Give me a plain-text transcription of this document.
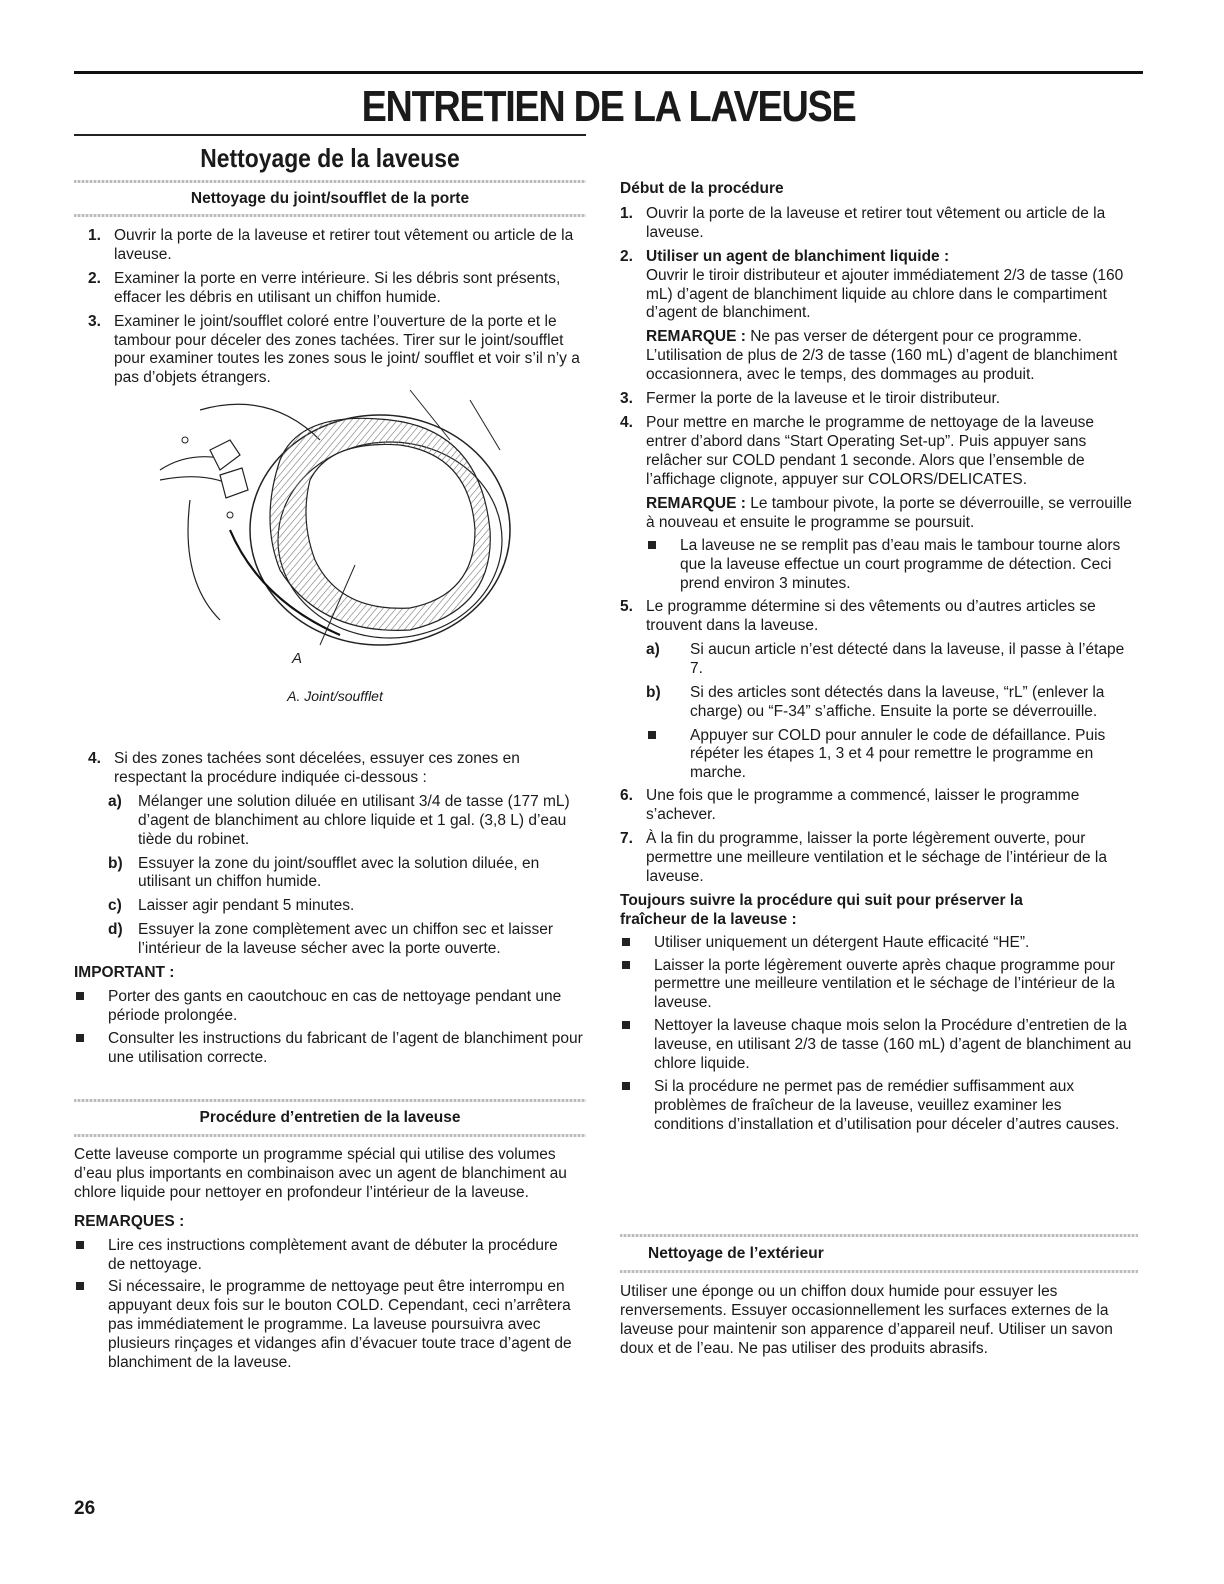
ENTRETIEN DE LA LAVEUSE
Nettoyage de la laveuse

Nettoyage du joint/soufflet de la porte

1. Ouvrir la porte de la laveuse et retirer tout vêtement ou article de la laveuse.
2. Examiner la porte en verre intérieure. Si les débris sont présents, effacer les débris en utilisant un chiffon humide.
3. Examiner le joint/soufflet coloré entre l’ouverture de la porte et le tambour pour déceler des zones tachées. Tirer sur le joint/soufflet pour examiner toutes les zones sous le joint/ soufflet et voir s’il n’y a pas d’objets étrangers.
A
A. Joint/soufflet
4. Si des zones tachées sont décelées, essuyer ces zones en respectant la procédure indiquée ci-dessous :
a)	Mélanger une solution diluée en utilisant 3/4 de tasse (177 mL) d’agent de blanchiment au chlore liquide et 1 gal. (3,8 L) d’eau tiède du robinet.
b) Essuyer la zone du joint/soufflet avec la solution diluée, en utilisant un chiffon humide.
c)	Laisser agir pendant 5 minutes.
d) Essuyer la zone complètement avec un chiffon sec et laisser l’intérieur de la laveuse sécher avec la porte ouverte.

IMPORTANT :

Porter des gants en caoutchouc en cas de nettoyage pendant une période prolongée.
Consulter les instructions du fabricant de l’agent de blanchiment pour une utilisation correcte.

Procédure d’entretien de la laveuse

Cette laveuse comporte un programme spécial qui utilise des volumes d’eau plus importants en combinaison avec un agent de blanchiment au chlore liquide pour nettoyer en profondeur l’intérieur de la laveuse.

REMARQUES :

Lire ces instructions complètement avant de débuter la procédure de nettoyage.
Si nécessaire, le programme de nettoyage peut être interrompu en appuyant deux fois sur le bouton COLD. Cependant, ceci n’arrêtera pas immédiatement le programme. La laveuse poursuivra avec plusieurs rinçages et vidanges afin d’évacuer toute trace d’agent de blanchiment de la laveuse.

Début de la procédure

1. Ouvrir la porte de la laveuse et retirer tout vêtement ou article de la laveuse.
2. Utiliser un agent de blanchiment liquide :
Ouvrir le tiroir distributeur et ajouter immédiatement 2/3 de tasse (160 mL) d’agent de blanchiment liquide au chlore dans le compartiment d’agent de blanchiment.
REMARQUE : Ne pas verser de détergent pour ce programme. L’utilisation de plus de 2/3 de tasse (160 mL) d’agent de blanchiment occasionnera, avec le temps, des dommages au produit.
3. Fermer la porte de la laveuse et le tiroir distributeur.
4. Pour mettre en marche le programme de nettoyage de la laveuse entrer d’abord dans “Start Operating Set-up”. Puis appuyer sans relâcher sur COLD pendant 1 seconde. Alors que l’ensemble de l’affichage clignote, appuyer sur COLORS/DELICATES.
REMARQUE : Le tambour pivote, la porte se déverrouille, se verrouille à nouveau et ensuite le programme se poursuit.
La laveuse ne se remplit pas d’eau mais le tambour tourne alors que la laveuse effectue un court programme de détection. Ceci prend environ 3 minutes.
5. Le programme détermine si des vêtements ou d’autres articles se trouvent dans la laveuse.
a)	Si aucun article n’est détecté dans la laveuse, il passe à l’étape 7.
b)	Si des articles sont détectés dans la laveuse, “rL” (enlever la charge) ou “F-34” s’affiche. Ensuite la porte se déverrouille.
Appuyer sur COLD pour annuler le code de défaillance. Puis répéter les étapes 1, 3 et 4 pour remettre le programme en marche.
6. Une fois que le programme a commencé, laisser le programme s’achever.
7. À la fin du programme, laisser la porte légèrement ouverte, pour permettre une meilleure ventilation et le séchage de l’intérieur de la laveuse.

Toujours suivre la procédure qui suit pour préserver la fraîcheur de la laveuse :

Utiliser uniquement un détergent Haute efficacité “HE”.
Laisser la porte légèrement ouverte après chaque programme pour permettre une meilleure ventilation et le séchage de l’intérieur de la laveuse.
Nettoyer la laveuse chaque mois selon la Procédure d’entretien de la laveuse, en utilisant 2/3 de tasse (160 mL) d’agent de blanchiment au chlore liquide.
Si la procédure ne permet pas de remédier suffisamment aux problèmes de fraîcheur de la laveuse, veuillez examiner les conditions d’installation et d’utilisation pour déceler d’autres causes.

Nettoyage de l’extérieur

Utiliser une éponge ou un chiffon doux humide pour essuyer les renversements. Essuyer occasionnellement les surfaces externes de la laveuse pour maintenir son apparence d’appareil neuf. Utiliser un savon doux et de l’eau. Ne pas utiliser des produits abrasifs.

26
